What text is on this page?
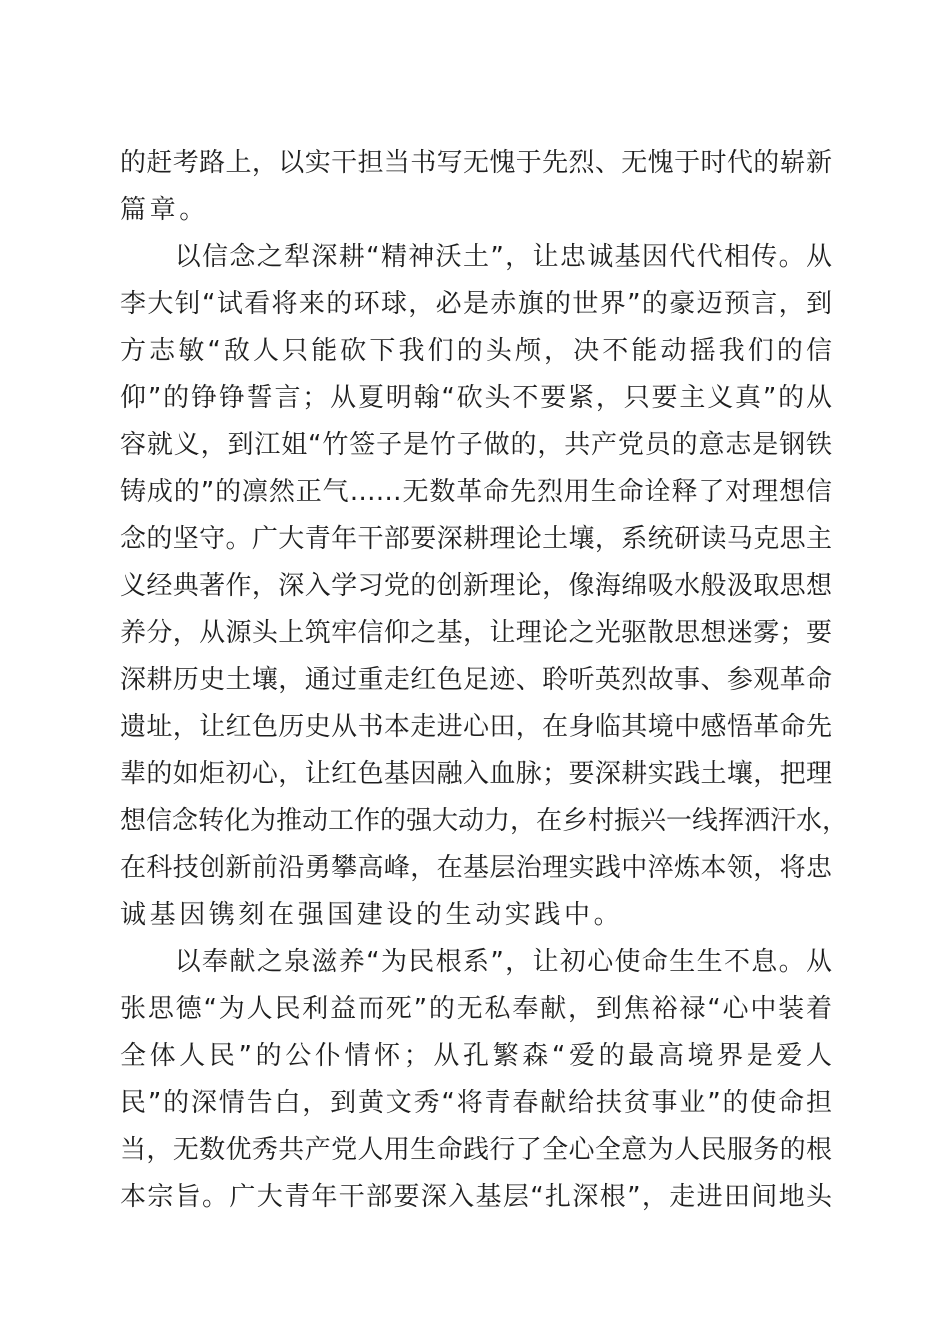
的赶考路上，以实干担当书写无愧于先烈、无愧于时代的崭新
篇章。
　　以信念之犁深耕“精神沃土”，让忠诚基因代代相传。从
李大钊“试看将来的环球，必是赤旗的世界”的豪迈预言，到
方志敏“敌人只能砍下我们的头颅，决不能动摇我们的信
仰”的铮铮誓言；从夏明翰“砍头不要紧，只要主义真”的从
容就义，到江姐“竹签子是竹子做的，共产党员的意志是钢铁
铸成的”的凛然正气……无数革命先烈用生命诠释了对理想信
念的坚守。广大青年干部要深耕理论土壤，系统研读马克思主
义经典著作，深入学习党的创新理论，像海绵吸水般汲取思想
养分，从源头上筑牢信仰之基，让理论之光驱散思想迷雾；要
深耕历史土壤，通过重走红色足迹、聆听英烈故事、参观革命
遗址，让红色历史从书本走进心田，在身临其境中感悟革命先
辈的如炬初心，让红色基因融入血脉；要深耕实践土壤，把理
想信念转化为推动工作的强大动力，在乡村振兴一线挥洒汗水，
在科技创新前沿勇攀高峰，在基层治理实践中淬炼本领，将忠
诚基因镌刻在强国建设的生动实践中。
　　以奉献之泉滋养“为民根系”，让初心使命生生不息。从
张思德“为人民利益而死”的无私奉献，到焦裕禄“心中装着
全体人民”的公仆情怀；从孔繁森“爱的最高境界是爱人
民”的深情告白，到黄文秀“将青春献给扶贫事业”的使命担
当，无数优秀共产党人用生命践行了全心全意为人民服务的根
本宗旨。广大青年干部要深入基层“扎深根”，走进田间地头
